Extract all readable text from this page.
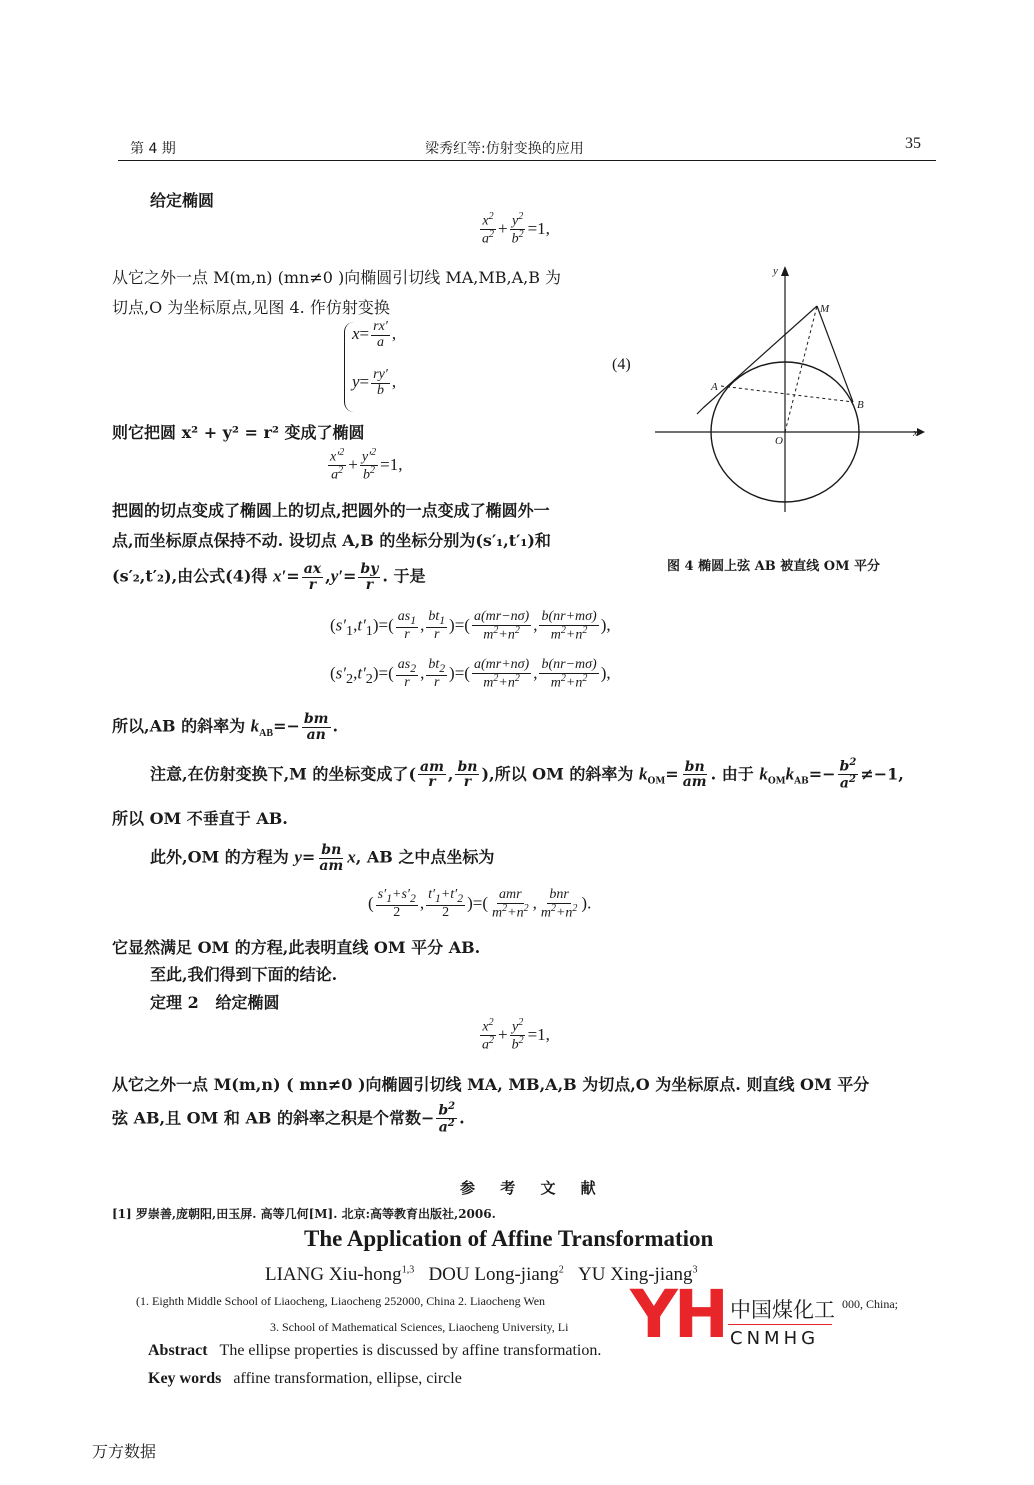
第 4 期	梁秀红等:仿射变换的应用	35
给定椭圆
$\frac{x^2}{a^2} + \frac{y^2}{b^2} =1$,
从它之外一点 M(m,n) (mn≠0 )向椭圆引切线 MA,MB,A,B 为
切点,O 为坐标原点,见图 4. 作仿射变换
$x= \frac{rx'}{a}$ ,
$y= \frac{ry'}{b}$ ,
(4)
则它把圆 x² + y² = r² 变成了椭圆
$\frac{x'^2}{a^2} + \frac{y'^2}{b^2} =1$,
把圆的切点变成了椭圆上的切点,把圆外的一点变成了椭圆外一
点,而坐标原点保持不动. 设切点 A,B 的坐标分别为(s′₁,t′₁)和
(s′₂,t′₂),由公式(4)得 $x'= \frac{ax}{r} ,y'= \frac{by}{r}$ . 于是
$(s'_1,t'_1)=( \frac{as_1}{r}$ , $\frac{bt_1}{r}$ )=( $\frac{a(mr-n\sigma)}{m^2+n^2}$ , $\frac{b(nr+m\sigma)}{m^2+n^2}$ ),
$(s'_2,t'_2)=( \frac{as_2}{r}$ , $\frac{bt_2}{r}$ )=( $\frac{a(mr+n\sigma)}{m^2+n^2}$ , $\frac{b(nr-m\sigma)}{m^2+n^2}$ ),
所以,AB 的斜率为 $k_{AB}=- \frac{bm}{an}$ .
注意,在仿射变换下,M 的坐标变成了( $\frac{am}{r}$ , $\frac{bn}{r}$ ),所以 OM 的斜率为 $k_{OM}= \frac{bn}{am}$ . 由于 $k_{OM}k_{AB}=- \frac{b^2}{a^2} \ne-1$,
所以 OM 不垂直于 AB.
此外,OM 的方程为 $y= \frac{bn}{am} x$, AB 之中点坐标为
( $\frac{s'_1+s'_2}{2}$ , $\frac{t'_1+t'_2}{2}$ )=( $\frac{\text{amr}}{m^2+n^2}$ , $\frac{\text{bnr}}{m^2+n^2}$ ).
它显然满足 OM 的方程,此表明直线 OM 平分 AB.
至此,我们得到下面的结论.
定理 2 给定椭圆
$\frac{x^2}{a^2} + \frac{y^2}{b^2} =1$,
从它之外一点 M(m,n) ( mn≠0 )向椭圆引切线 MA, MB,A,B 为切点,O 为坐标原点. 则直线 OM 平分
弦 AB,且 OM 和 AB 的斜率之积是个常数− $\frac{b^2}{a^2}$ .
y
x
M
A
B
O
图 4 椭圆上弦 AB 被直线 OM 平分
参 考 文 献
[1] 罗崇善,庞朝阳,田玉屏. 高等几何[M]. 北京:高等教育出版社,2006.
The Application of Affine Transformation
LIANG Xiu-hong$^{1,3}$ DOU Long-jiang$^2$ YU Xing-jiang$^3$
(1. Eighth Middle School of Liaocheng, Liaocheng 252000, China 2. Liaocheng Wen	000, China;
3. School of Mathematical Sciences, Liaocheng University, Li
Abstract The ellipse properties is discussed by affine transformation.
Key words affine transformation, ellipse, circle
YH 中国煤化工
CNMHG
万方数据
